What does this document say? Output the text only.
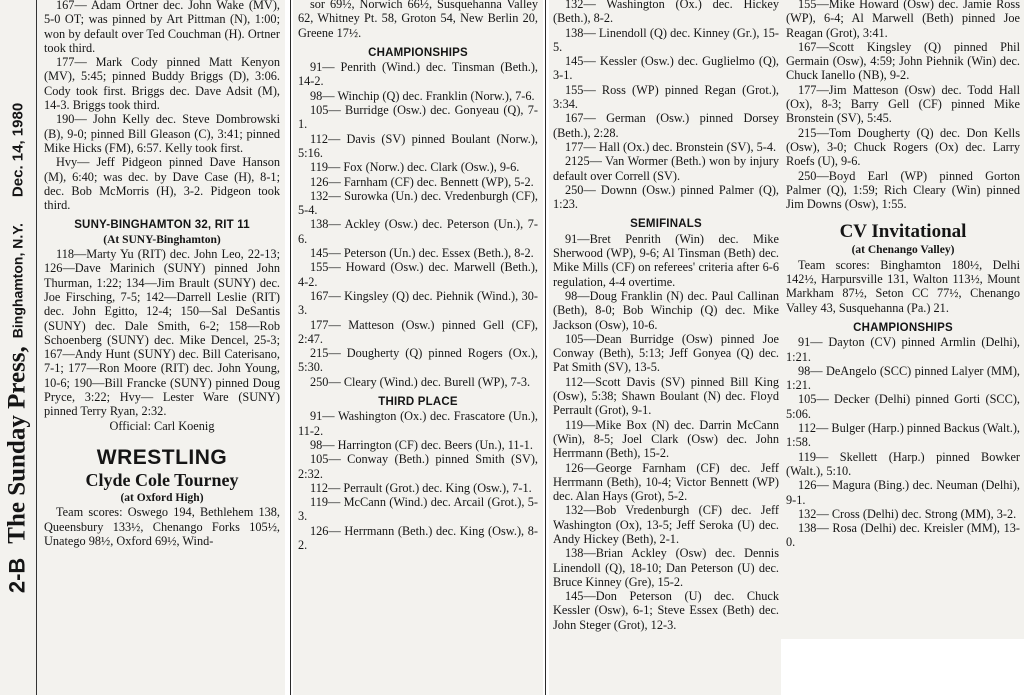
2-B
The Sunday Press,
Binghamton, N.Y.
Dec. 14, 1980

167— Adam Ortner dec. John Wake (MV), 5-0 OT; was pinned by Art Pittman (N), 1:00; won by default over Ted Couchman (H). Ortner took third.

177— Mark Cody pinned Matt Kenyon (MV), 5:45; pinned Buddy Briggs (D), 3:06. Cody took first. Briggs dec. Dave Adsit (M), 14-3. Briggs took third.

190— John Kelly dec. Steve Dombrowski (B), 9-0; pinned Bill Gleason (C), 3:41; pinned Mike Hicks (FM), 6:57. Kelly took first.

Hvy— Jeff Pidgeon pinned Dave Hanson (M), 6:40; was dec. by Dave Case (H), 8-1; dec. Bob McMorris (H), 3-2. Pidgeon took third.

SUNY-BINGHAMTON 32, RIT 11

(At SUNY-Binghamton)

118—Marty Yu (RIT) dec. John Leo, 22-13; 126—Dave Marinich (SUNY) pinned John Thurman, 1:22; 134—Jim Brault (SUNY) dec. Joe Firsching, 7-5; 142—Darrell Leslie (RIT) dec. John Egitto, 12-4; 150—Sal DeSantis (SUNY) dec. Dale Smith, 6-2; 158—Rob Schoenberg (SUNY) dec. Mike Dencel, 25-3; 167—Andy Hunt (SUNY) dec. Bill Caterisano, 7-1; 177—Ron Moore (RIT) dec. John Young, 10-6; 190—Bill Francke (SUNY) pinned Doug Pryce, 3:22; Hvy— Lester Ware (SUNY) pinned Terry Ryan, 2:32.

Official: Carl Koenig

WRESTLING

Clyde Cole Tourney

(at Oxford High)

Team scores: Oswego 194, Bethlehem 138, Queensbury 133½, Chenango Forks 105½, Unatego 98½, Oxford 69½, Wind-

sor 69½, Norwich 66½, Susquehanna Valley 62, Whitney Pt. 58, Groton 54, New Berlin 20, Greene 17½.

CHAMPIONSHIPS

91— Penrith (Wind.) dec. Tinsman (Beth.), 14-2.

98— Winchip (Q) dec. Franklin (Norw.), 7-6.

105— Burridge (Osw.) dec. Gonyeau (Q), 7-1.

112— Davis (SV) pinned Boulant (Norw.), 5:16.

119— Fox (Norw.) dec. Clark (Osw.), 9-6.

126— Farnham (CF) dec. Bennett (WP), 5-2.

132— Surowka (Un.) dec. Vredenburgh (CF), 5-4.

138— Ackley (Osw.) dec. Peterson (Un.), 7-6.

145— Peterson (Un.) dec. Essex (Beth.), 8-2.

155— Howard (Osw.) dec. Marwell (Beth.), 4-2.

167— Kingsley (Q) dec. Piehnik (Wind.), 30-3.

177— Matteson (Osw.) pinned Gell (CF), 2:47.

215— Dougherty (Q) pinned Rogers (Ox.), 5:30.

250— Cleary (Wind.) dec. Burell (WP), 7-3.

THIRD PLACE

91— Washington (Ox.) dec. Frascatore (Un.), 11-2.

98— Harrington (CF) dec. Beers (Un.), 11-1.

105— Conway (Beth.) pinned Smith (SV), 2:32.

112— Perrault (Grot.) dec. King (Osw.), 7-1.

119— McCann (Wind.) dec. Arcail (Grot.), 5-3.

126— Herrmann (Beth.) dec. King (Osw.), 8-2.

132— Washington (Ox.) dec. Hickey (Beth.), 8-2.

138— Linendoll (Q) dec. Kinney (Gr.), 15-5.

145— Kessler (Osw.) dec. Guglielmo (Q), 3-1.

155— Ross (WP) pinned Regan (Grot.), 3:34.

167— German (Osw.) pinned Dorsey (Beth.), 2:28.

177— Hall (Ox.) dec. Bronstein (SV), 5-4.

2125— Van Wormer (Beth.) won by injury default over Correll (SV).

250— Downn (Osw.) pinned Palmer (Q), 1:23.

SEMIFINALS

91—Bret Penrith (Win) dec. Mike Sherwood (WP), 9-6; Al Tinsman (Beth) dec. Mike Mills (CF) on referees' criteria after 6-6 regulation, 4-4 overtime.

98—Doug Franklin (N) dec. Paul Callinan (Beth), 8-0; Bob Winchip (Q) dec. Mike Jackson (Osw), 10-6.

105—Dean Burridge (Osw) pinned Joe Conway (Beth), 5:13; Jeff Gonyea (Q) dec. Pat Smith (SV), 13-5.

112—Scott Davis (SV) pinned Bill King (Osw), 5:38; Shawn Boulant (N) dec. Floyd Perrault (Grot), 9-1.

119—Mike Box (N) dec. Darrin McCann (Win), 8-5; Joel Clark (Osw) dec. John Herrmann (Beth), 15-2.

126—George Farnham (CF) dec. Jeff Herrmann (Beth), 10-4; Victor Bennett (WP) dec. Alan Hays (Grot), 5-2.

132—Bob Vredenburgh (CF) dec. Jeff Washington (Ox), 13-5; Jeff Seroka (U) dec. Andy Hickey (Beth), 2-1.

138—Brian Ackley (Osw) dec. Dennis Linendoll (Q), 18-10; Dan Peterson (U) dec. Bruce Kinney (Gre), 15-2.

145—Don Peterson (U) dec. Chuck Kessler (Osw), 6-1; Steve Essex (Beth) dec. John Steger (Grot), 12-3.

155—Mike Howard (Osw) dec. Jamie Ross (WP), 6-4; Al Marwell (Beth) pinned Joe Reagan (Grot), 3:41.

167—Scott Kingsley (Q) pinned Phil Germain (Osw), 4:59; John Piehnik (Win) dec. Chuck Ianello (NB), 9-2.

177—Jim Matteson (Osw) dec. Todd Hall (Ox), 8-3; Barry Gell (CF) pinned Mike Bronstein (SV), 5:45.

215—Tom Dougherty (Q) dec. Don Kells (Osw), 3-0; Chuck Rogers (Ox) dec. Larry Roefs (U), 9-6.

250—Boyd Earl (WP) pinned Gorton Palmer (Q), 1:59; Rich Cleary (Win) pinned Jim Downs (Osw), 1:55.

CV Invitational

(at Chenango Valley)

Team scores: Binghamton 180½, Delhi 142½, Harpursville 131, Walton 113½, Mount Markham 87½, Seton CC 77½, Chenango Valley 43, Susquehanna (Pa.) 21.

CHAMPIONSHIPS

91— Dayton (CV) pinned Armlin (Delhi), 1:21.

98— DeAngelo (SCC) pinned Lalyer (MM), 1:21.

105— Decker (Delhi) pinned Gorti (SCC), 5:06.

112— Bulger (Harp.) pinned Backus (Walt.), 1:58.

119— Skellett (Harp.) pinned Bowker (Walt.), 5:10.

126— Magura (Bing.) dec. Neuman (Delhi), 9-1.

132— Cross (Delhi) dec. Strong (MM), 3-2.

138— Rosa (Delhi) dec. Kreisler (MM), 13-0.
